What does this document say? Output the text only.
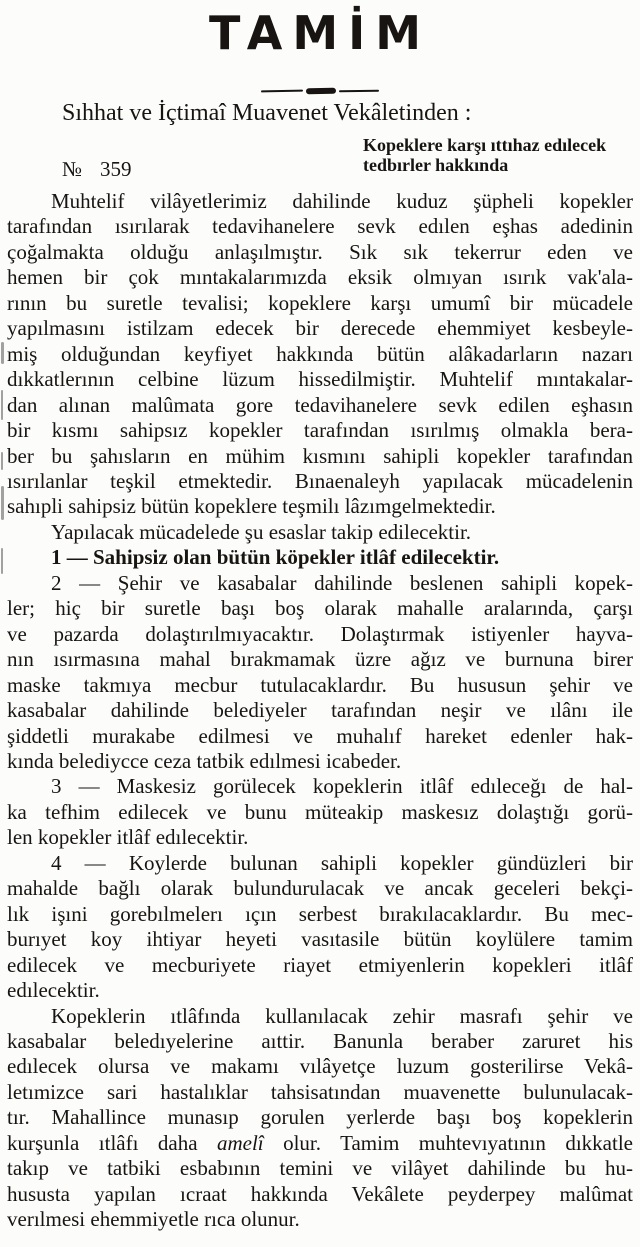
TAMİM
Sıhhat ve İçtimaî Muavenet Vekâletinden :
№ 359
Kopeklere karşı ıttıhaz edılecek
tedbırler hakkında
Muhtelif vilâyetlerimiz dahilinde kuduz şüpheli kopekler
tarafından ısırılarak tedavihanelere sevk edılen eşhas adedinin
çoğalmakta olduğu anlaşılmıştır. Sık sık tekerrur eden ve
hemen bir çok mıntakalarımızda eksik olmıyan ısırık vak'ala-
rının bu suretle tevalisi; kopeklere karşı umumî bir mücadele
yapılmasını istilzam edecek bir derecede ehemmiyet kesbeyle-
miş olduğundan keyfiyet hakkında bütün alâkadarların nazarı
dıkkatlerının celbine lüzum hissedilmiştir. Muhtelif mıntakalar-
dan alınan malûmata gore tedavihanelere sevk edilen eşhasın
bir kısmı sahipsız kopekler tarafından ısırılmış olmakla bera-
ber bu şahısların en mühim kısmını sahipli kopekler tarafından
ısırılanlar teşkil etmektedir. Bınaenaleyh yapılacak mücadelenin
sahıpli sahipsiz bütün kopeklere teşmilı lâzımgelmektedir.
Yapılacak mücadelede şu esaslar takip edilecektir.
1 — Sahipsiz olan bütün köpekler itlâf edilecektir.
2 — Şehir ve kasabalar dahilinde beslenen sahipli kopek-
ler; hiç bir suretle başı boş olarak mahalle aralarında, çarşı
ve pazarda dolaştırılmıyacaktır. Dolaştırmak istiyenler hayva-
nın ısırmasına mahal bırakmamak üzre ağız ve burnuna birer
maske takmıya mecbur tutulacaklardır. Bu hususun şehir ve
kasabalar dahilinde belediyeler tarafından neşir ve ılânı ile
şiddetli murakabe edilmesi ve muhalıf hareket edenler hak-
kında belediycce ceza tatbik edılmesi icabeder.
3 — Maskesiz gorülecek kopeklerin itlâf edıleceğı de hal-
ka tefhim edilecek ve bunu müteakip maskesız dolaştığı gorü-
len kopekler itlâf edılecektir.
4 — Koylerde bulunan sahipli kopekler gündüzleri bir
mahalde bağlı olarak bulundurulacak ve ancak geceleri bekçi-
lık işıni gorebılmelerı ıçın serbest bırakılacaklardır. Bu mec-
burıyet koy ihtiyar heyeti vasıtasile bütün koylülere tamim
edilecek ve mecburiyete riayet etmiyenlerin kopekleri itlâf
edılecektir.
Kopeklerin ıtlâfında kullanılacak zehir masrafı şehir ve
kasabalar beledıyelerine aıttir. Banunla beraber zaruret his
edılecek olursa ve makamı vılâyetçe luzum gosterilirse Vekâ-
letımizce sari hastalıklar tahsisatından muavenette bulunulacak-
tır. Mahallince munasıp gorulen yerlerde başı boş kopeklerin
kurşunla ıtlâfı daha amelî olur. Tamim muhtevıyatının dıkkatle
takıp ve tatbiki esbabının temini ve vilâyet dahilinde bu hu-
hususta yapılan ıcraat hakkında Vekâlete peyderpey malûmat
verılmesi ehemmiyetle rıca olunur.
